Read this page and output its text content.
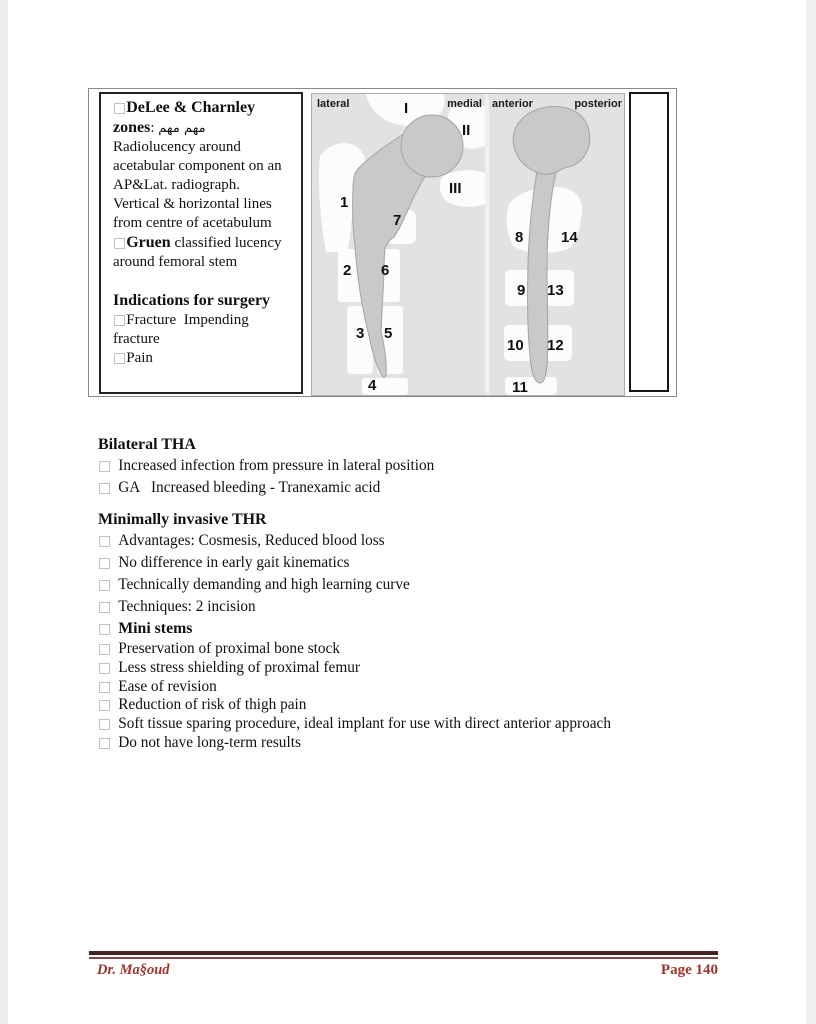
□DeLee & Charnley
zones: مهم مهم
Radiolucency around
acetabular component on an
AP&Lat. radiograph.
Vertical & horizontal lines
from centre of acetabulum
□Gruen classified lucency
around femoral stem
Indications for surgery
□Fracture  Impending
fracture
□Pain
lateral	medial
I
II
III
1
7
2 6
3 5
4
anterior	posterior
8	14
9 13
10 12
11
Bilateral THA
□ Increased infection from pressure in lateral position
□ GA   Increased bleeding - Tranexamic acid
Minimally invasive THR
□ Advantages: Cosmesis, Reduced blood loss
□ No difference in early gait kinematics
□ Technically demanding and high learning curve
□ Techniques: 2 incision
□ Mini stems
□ Preservation of proximal bone stock
□ Less stress shielding of proximal femur
□ Ease of revision
□ Reduction of risk of thigh pain
□ Soft tissue sparing procedure, ideal implant for use with direct anterior approach
□ Do not have long-term results
Dr. Ma§oud	Page 140
